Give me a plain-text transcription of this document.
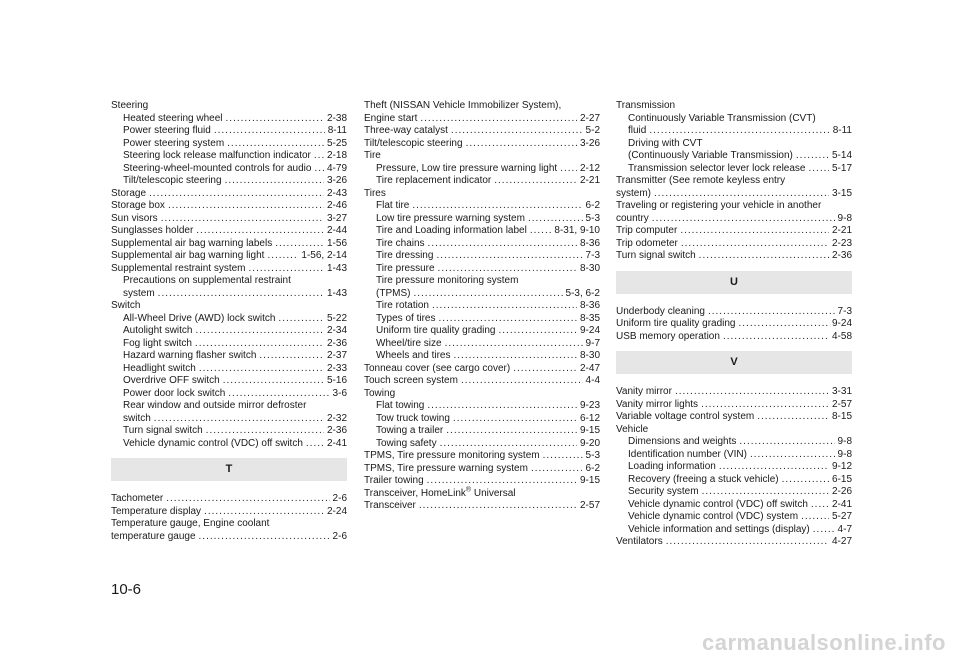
Steering
Heated steering wheel .....	2-38
Power steering fluid .....	8-11
Power steering system .....	5-25
Steering lock release malfunction indicator ..... 2-18
Steering-wheel-mounted controls for audio ..... 4-79
Tilt/telescopic steering .....	3-26
Storage .....	2-43
Storage box .....	2-46
Sun visors .....	3-27
Sunglasses holder .....	2-44
Supplemental air bag warning labels .....	1-56
Supplemental air bag warning light .....	1-56, 2-14
Supplemental restraint system .....	1-43
Precautions on supplemental restraint
system .....	1-43
Switch
All-Wheel Drive (AWD) lock switch .....	5-22
Autolight switch .....	2-34
Fog light switch .....	2-36
Hazard warning flasher switch .....	2-37
Headlight switch .....	2-33
Overdrive OFF switch .....	5-16
Power door lock switch .....	3-6
Rear window and outside mirror defroster
switch .....	2-32
Turn signal switch .....	2-36
Vehicle dynamic control (VDC) off switch ..... 2-41
T
Tachometer .....	2-6
Temperature display .....	2-24
Temperature gauge, Engine coolant
temperature gauge .....	2-6
Theft (NISSAN Vehicle Immobilizer System),
Engine start .....	2-27
Three-way catalyst .....	5-2
Tilt/telescopic steering .....	3-26
Tire
Pressure, Low tire pressure warning light ..... 2-12
Tire replacement indicator .....	2-21
Tires
Flat tire .....	6-2
Low tire pressure warning system .....	5-3
Tire and Loading information label .....	8-31, 9-10
Tire chains .....	8-36
Tire dressing .....	7-3
Tire pressure .....	8-30
Tire pressure monitoring system
(TPMS) .....	5-3, 6-2
Tire rotation .....	8-36
Types of tires .....	8-35
Uniform tire quality grading .....	9-24
Wheel/tire size .....	9-7
Wheels and tires .....	8-30
Tonneau cover (see cargo cover) .....	2-47
Touch screen system .....	4-4
Towing
Flat towing .....	9-23
Tow truck towing .....	6-12
Towing a trailer .....	9-15
Towing safety .....	9-20
TPMS, Tire pressure monitoring system .....	5-3
TPMS, Tire pressure warning system .....	6-2
Trailer towing .....	9-15
Transceiver, HomeLink® Universal
Transceiver .....	2-57
Transmission
Continuously Variable Transmission (CVT)
fluid .....	8-11
Driving with CVT
(Continuously Variable Transmission) .....	5-14
Transmission selector lever lock release .....	5-17
Transmitter (See remote keyless entry
system) .....	3-15
Traveling or registering your vehicle in another
country .....	9-8
Trip computer .....	2-21
Trip odometer .....	2-23
Turn signal switch .....	2-36
U
Underbody cleaning .....	7-3
Uniform tire quality grading .....	9-24
USB memory operation .....	4-58
V
Vanity mirror .....	3-31
Vanity mirror lights .....	2-57
Variable voltage control system .....	8-15
Vehicle
Dimensions and weights .....	9-8
Identification number (VIN) .....	9-8
Loading information .....	9-12
Recovery (freeing a stuck vehicle) .....	6-15
Security system .....	2-26
Vehicle dynamic control (VDC) off switch ..... 2-41
Vehicle dynamic control (VDC) system .....	5-27
Vehicle information and settings (display) .....	4-7
Ventilators .....	4-27
10-6
carmanualsonline.info
